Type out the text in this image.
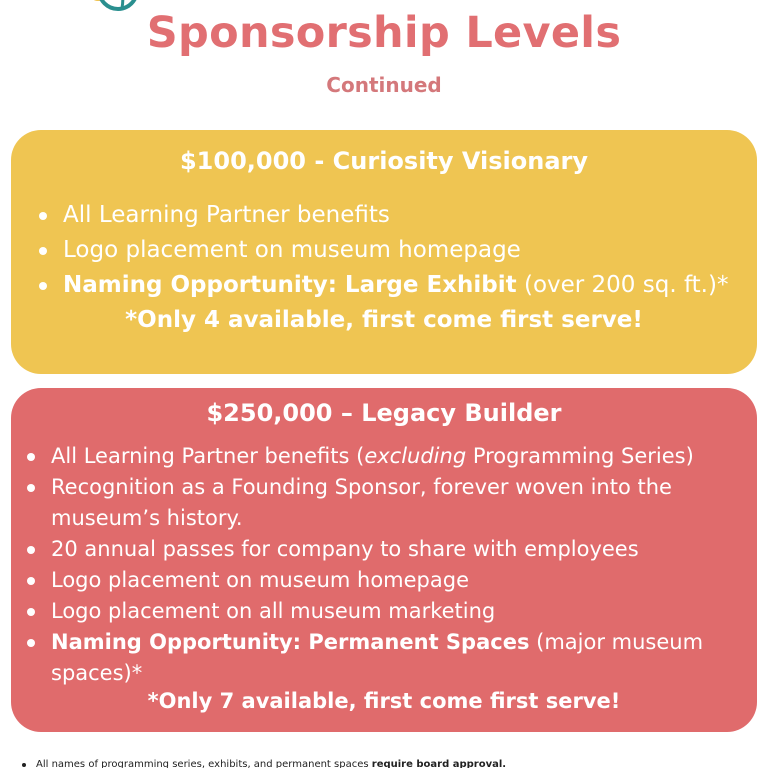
Sponsorship Levels
Continued
$100,000 - Curiosity Visionary
All Learning Partner benefits
Logo placement on museum homepage
Naming Opportunity: Large Exhibit (over 200 sq. ft.)*
*Only 4 available, first come first serve!
$250,000 – Legacy Builder
All Learning Partner benefits (excluding Programming Series)
Recognition as a Founding Sponsor, forever woven into the museum’s history.
20 annual passes for company to share with employees
Logo placement on museum homepage
Logo placement on all museum marketing
Naming Opportunity: Permanent Spaces (major museum spaces)*
*Only 7 available, first come first serve!
All names of programming series, exhibits, and permanent spaces require board approval.
